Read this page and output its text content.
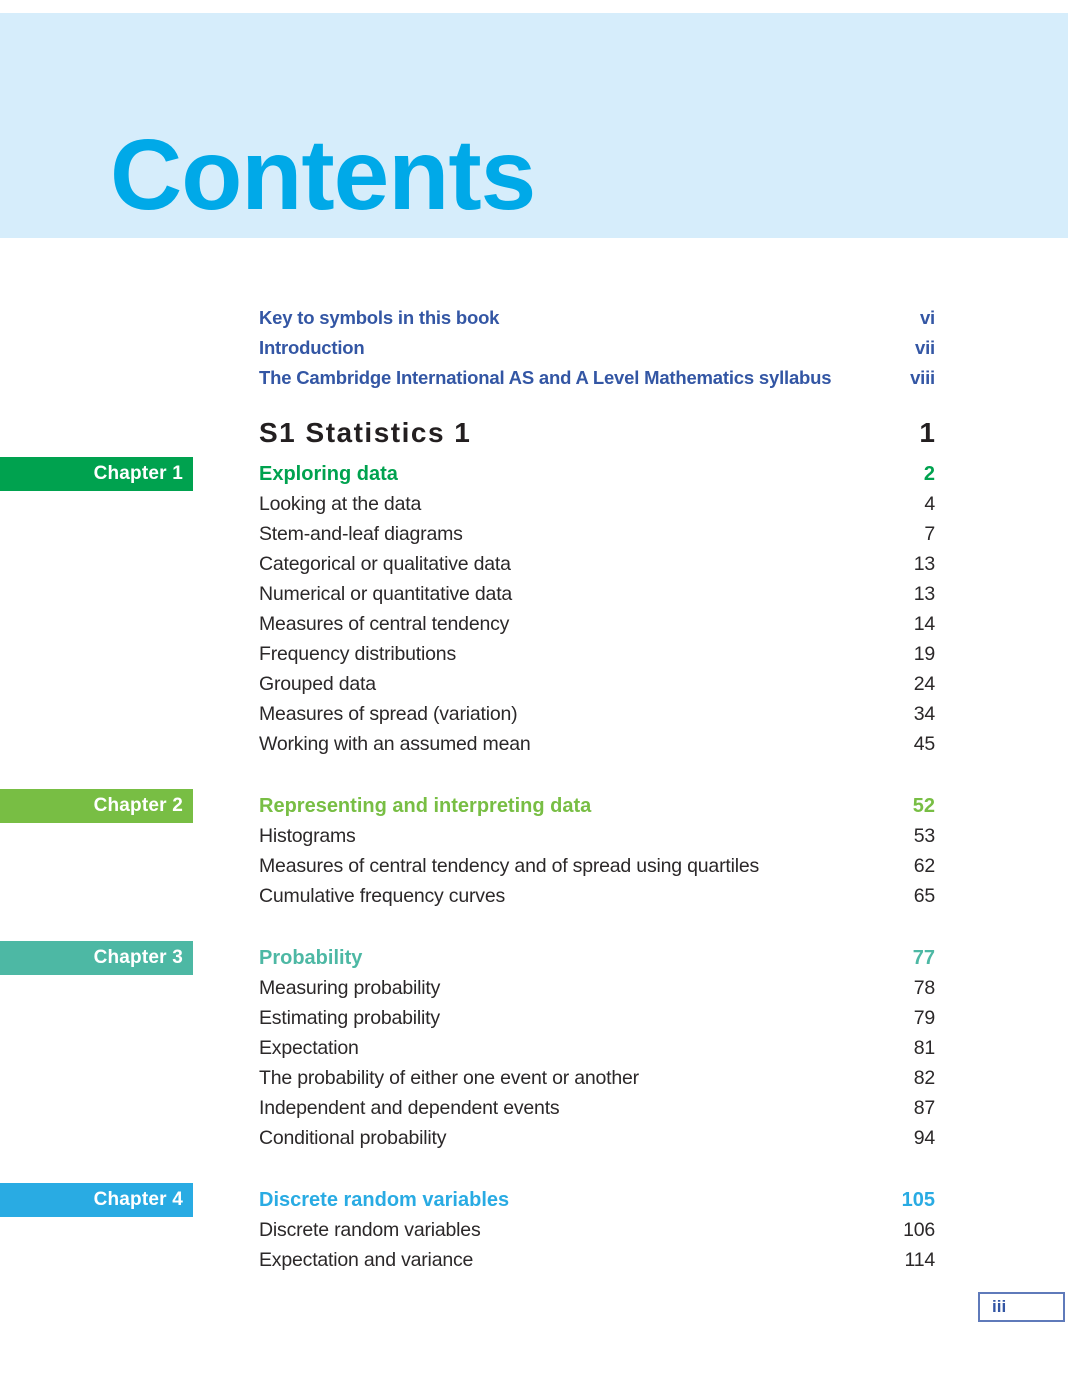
Contents
Key to symbols in this book	vi
Introduction	vii
The Cambridge International AS and A Level Mathematics syllabus	viii
S1 Statistics 1	1
Chapter 1	Exploring data	2
Looking at the data	4
Stem-and-leaf diagrams	7
Categorical or qualitative data	13
Numerical or quantitative data	13
Measures of central tendency	14
Frequency distributions	19
Grouped data	24
Measures of spread (variation)	34
Working with an assumed mean	45
Chapter 2	Representing and interpreting data	52
Histograms	53
Measures of central tendency and of spread using quartiles	62
Cumulative frequency curves	65
Chapter 3	Probability	77
Measuring probability	78
Estimating probability	79
Expectation	81
The probability of either one event or another	82
Independent and dependent events	87
Conditional probability	94
Chapter 4	Discrete random variables	105
Discrete random variables	106
Expectation and variance	114
iii
